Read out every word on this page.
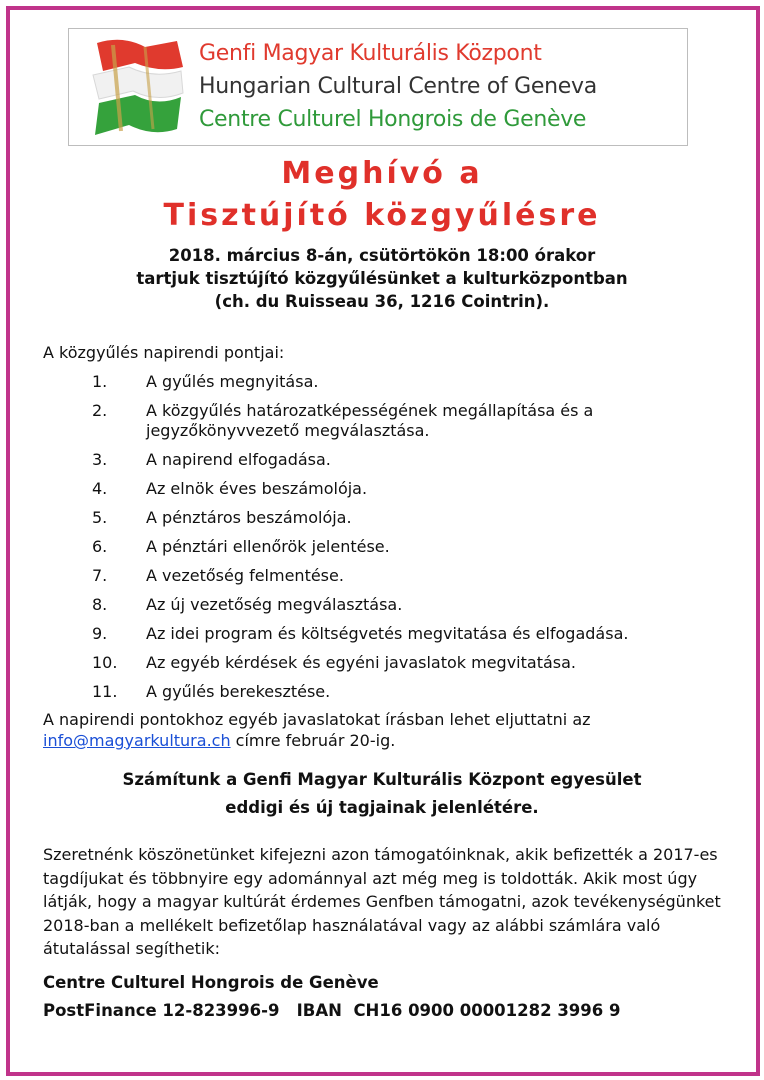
Genfi Magyar Kulturális Központ
Hungarian Cultural Centre of Geneva
Centre Culturel Hongrois de Genève
Meghívó a
Tisztújító közgyűlésre
2018. március 8-án, csütörtökön 18:00 órakor
tartjuk tisztújító közgyűlésünket a kulturközpontban
(ch. du Ruisseau 36, 1216 Cointrin).
A közgyűlés napirendi pontjai:
1. A gyűlés megnyitása.
2. A közgyűlés határozatképességének megállapítása és a jegyzőkönyvvezető megválasztása.
3. A napirend elfogadása.
4. Az elnök éves beszámolója.
5. A pénztáros beszámolója.
6. A pénztári ellenőrök jelentése.
7. A vezetőség felmentése.
8. Az új vezetőség megválasztása.
9. Az idei program és költségvetés megvitatása és elfogadása.
10. Az egyéb kérdések és egyéni javaslatok megvitatása.
11. A gyűlés berekesztése.
A napirendi pontokhoz egyéb javaslatokat írásban lehet eljuttatni az
info@magyarkultura.ch címre február 20-ig.
Számítunk a Genfi Magyar Kulturális Központ egyesület
eddigi és új tagjainak jelenlétére.
Szeretnénk köszönetünket kifejezni azon támogatóinknak, akik befizették a 2017-es tagdíjukat és többnyire egy adománnyal azt még meg is toldották. Akik most úgy látják, hogy a magyar kultúrát érdemes Genfben támogatni, azok tevékenységünket 2018-ban a mellékelt befizetőlap használatával vagy az alábbi számlára való átutalással segíthetik:
Centre Culturel Hongrois de Genève
PostFinance 12-823996-9   IBAN  CH16 0900 00001282 3996 9
